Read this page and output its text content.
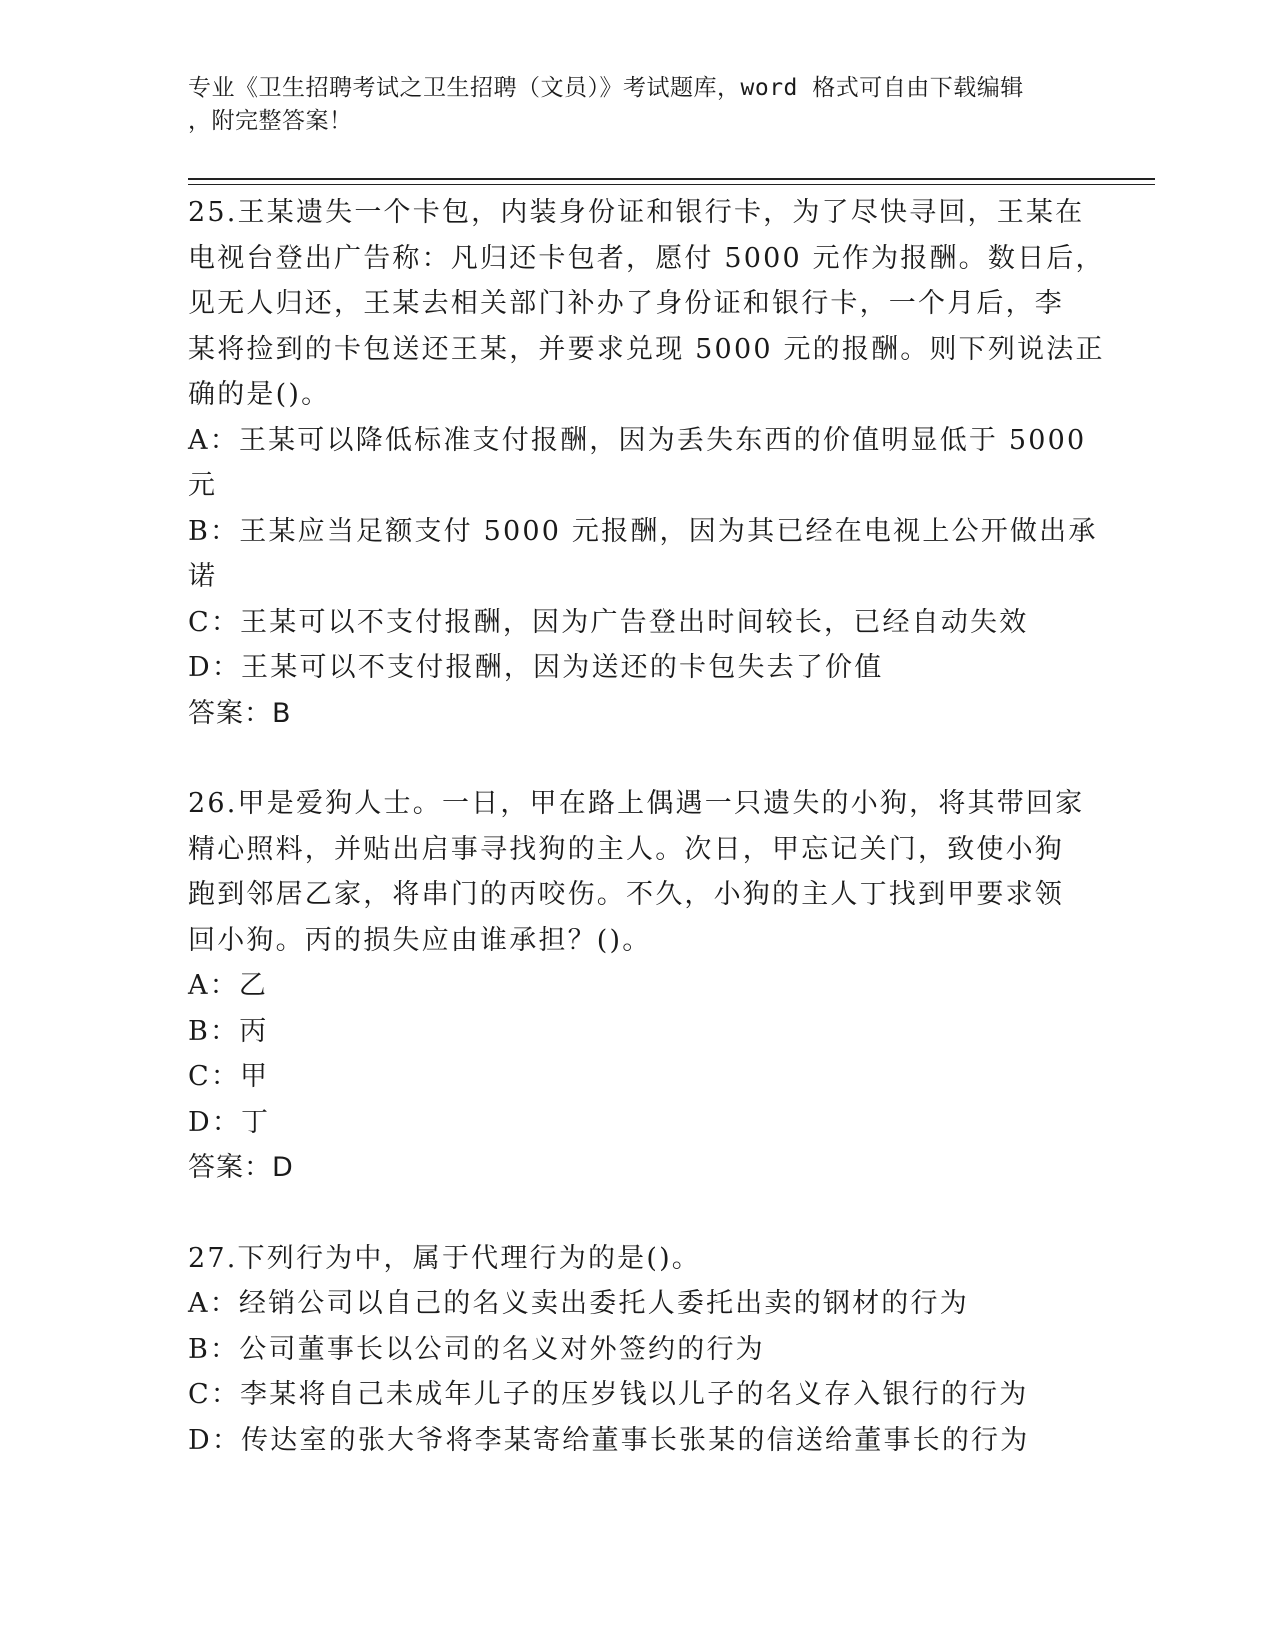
专业《卫生招聘考试之卫生招聘（文员）》考试题库，word 格式可自由下载编辑
，附完整答案！
25.王某遗失一个卡包，内装身份证和银行卡，为了尽快寻回，王某在
电视台登出广告称：凡归还卡包者，愿付 5000 元作为报酬。数日后，
见无人归还，王某去相关部门补办了身份证和银行卡，一个月后，李
某将捡到的卡包送还王某，并要求兑现 5000 元的报酬。则下列说法正
确的是()。
A：王某可以降低标准支付报酬，因为丢失东西的价值明显低于 5000
元
B：王某应当足额支付 5000 元报酬，因为其已经在电视上公开做出承
诺
C：王某可以不支付报酬，因为广告登出时间较长，已经自动失效
D：王某可以不支付报酬，因为送还的卡包失去了价值
答案：B
26.甲是爱狗人士。一日，甲在路上偶遇一只遗失的小狗，将其带回家
精心照料，并贴出启事寻找狗的主人。次日，甲忘记关门，致使小狗
跑到邻居乙家，将串门的丙咬伤。不久，小狗的主人丁找到甲要求领
回小狗。丙的损失应由谁承担？()。
A：乙
B：丙
C：甲
D：丁
答案：D
27.下列行为中，属于代理行为的是()。
A：经销公司以自己的名义卖出委托人委托出卖的钢材的行为
B：公司董事长以公司的名义对外签约的行为
C：李某将自己未成年儿子的压岁钱以儿子的名义存入银行的行为
D：传达室的张大爷将李某寄给董事长张某的信送给董事长的行为
